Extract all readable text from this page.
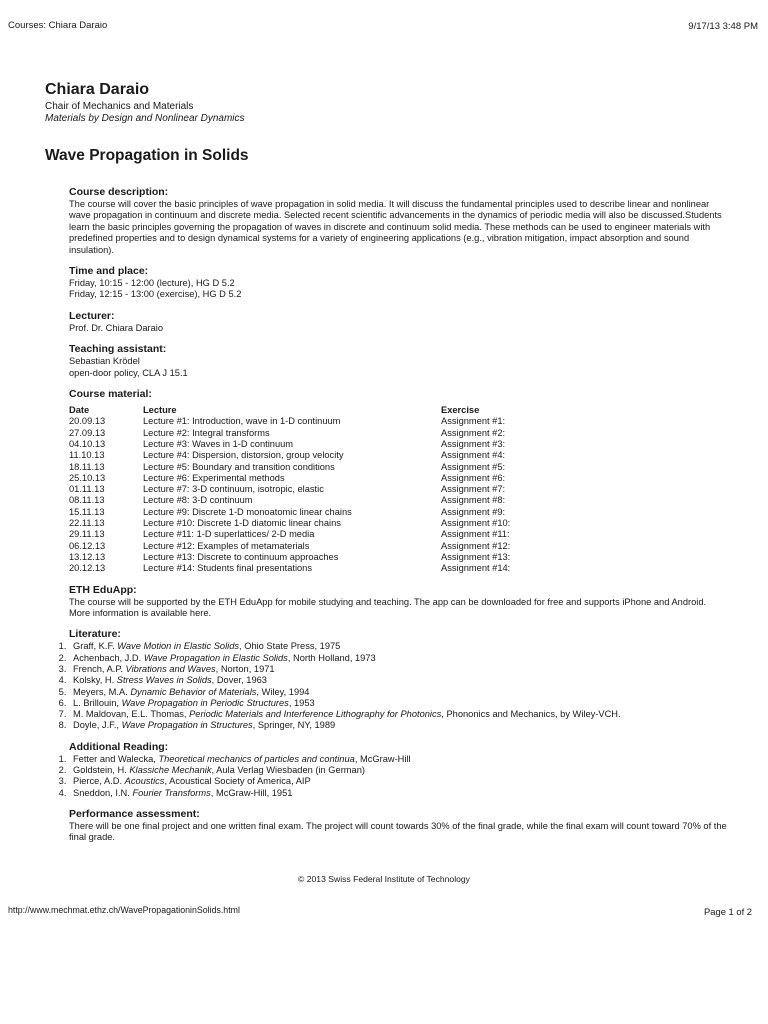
Courses: Chiara Daraio	9/17/13 3:48 PM
Chiara Daraio
Chair of Mechanics and Materials
Materials by Design and Nonlinear Dynamics
Wave Propagation in Solids
Course description:

The course will cover the basic principles of wave propagation in solid media. It will discuss the fundamental principles used to describe linear and nonlinear wave propagation in continuum and discrete media. Selected recent scientific advancements in the dynamics of periodic media will also be discussed.Students learn the basic principles governing the propagation of waves in discrete and continuum solid media. These methods can be used to engineer materials with predefined properties and to design dynamical systems for a variety of engineering applications (e.g., vibration mitigation, impact absorption and sound insulation).

Time and place:
Friday, 10:15 - 12:00 (lecture), HG D 5.2
Friday, 12:15 - 13:00 (exercise), HG D 5.2
Lecturer:
Prof. Dr. Chiara Daraio
Teaching assistant:
Sebastian Krödel
open-door policy, CLA J 15.1
Course material:
Date	Lecture	Exercise
20.09.13	Lecture #1: Introduction, wave in 1-D continuum	Assignment #1:
27.09.13	Lecture #2: Integral transforms	Assignment #2:
04.10.13	Lecture #3: Waves in 1-D continuum	Assignment #3:
11.10.13	Lecture #4: Dispersion, distorsion, group velocity	Assignment #4:
18.11.13	Lecture #5: Boundary and transition conditions	Assignment #5:
25.10.13	Lecture #6: Experimental methods	Assignment #6:
01.11.13	Lecture #7: 3-D continuum, isotropic, elastic	Assignment #7:
08.11.13	Lecture #8: 3-D continuum	Assignment #8:
15.11.13	Lecture #9: Discrete 1-D monoatomic linear chains	Assignment #9:
22.11.13	Lecture #10: Discrete 1-D diatomic linear chains	Assignment #10:
29.11.13	Lecture #11: 1-D superlattices/ 2-D media	Assignment #11:
06.12.13	Lecture #12: Examples of metamaterials	Assignment #12:
13.12.13	Lecture #13: Discrete to continuum approaches	Assignment #13:
20.12.13	Lecture #14: Students final presentations	Assignment #14:
ETH EduApp:

The course will be supported by the ETH EduApp for mobile studying and teaching. The app can be downloaded for free and supports iPhone and Android. More information is available here.

Literature:
1. Graff, K.F. Wave Motion in Elastic Solids, Ohio State Press, 1975
2. Achenbach, J.D. Wave Propagation in Elastic Solids, North Holland, 1973
3. French, A.P. Vibrations and Waves, Norton, 1971
4. Kolsky, H. Stress Waves in Solids, Dover, 1963
5. Meyers, M.A. Dynamic Behavior of Materials, Wiley, 1994
6. L. Brillouin, Wave Propagation in Periodic Structures, 1953
7. M. Maldovan, E.L. Thomas, Periodic Materials and Interference Lithography for Photonics, Phononics and Mechanics, by Wiley-VCH.
8. Doyle, J.F., Wave Propagation in Structures, Springer, NY, 1989
Additional Reading:
1. Fetter and Walecka, Theoretical mechanics of particles and continua, McGraw-Hill
2. Goldstein, H. Klassiche Mechanik, Aula Verlag Wiesbaden (in German)
3. Pierce, A.D. Acoustics, Acoustical Society of America, AIP
4. Sneddon, I.N. Fourier Transforms, McGraw-Hill, 1951
Performance assessment:

There will be one final project and one written final exam. The project will count towards 30% of the final grade, while the final exam will count toward 70% of the final grade.

© 2013 Swiss Federal Institute of Technology
http://www.mechmat.ethz.ch/WavePropagationinSolids.html	Page 1 of 2
